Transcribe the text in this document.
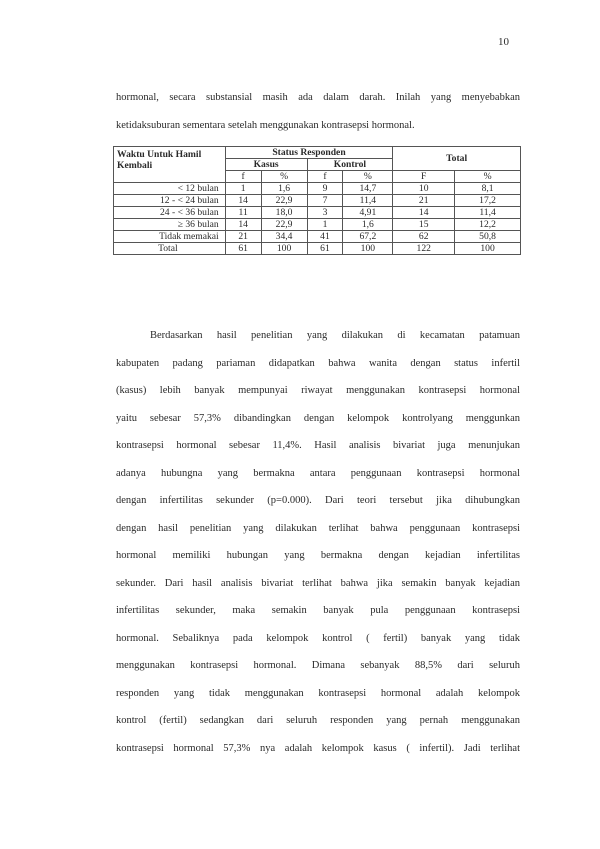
10

hormonal, secara substansial masih ada dalam darah. Inilah yang menyebabkan
ketidaksuburan sementara setelah menggunakan kontrasepsi hormonal.

Waktu Untuk Hamil Kembali	Status Responden				Total	
	Kasus		Kontrol			
	f	%	f	%	F	%
< 12 bulan	1	1,6	9	14,7	10	8,1
12 - < 24 bulan	14	22,9	7	11,4	21	17,2
24 - < 36 bulan	11	18,0	3	4,91	14	11,4
≥ 36 bulan	14	22,9	1	1,6	15	12,2
Tidak memakai	21	34,4	41	67,2	62	50,8
Total	61	100	61	100	122	100

Berdasarkan hasil penelitian yang dilakukan di kecamatan patamuan
kabupaten padang pariaman didapatkan bahwa wanita dengan status infertil
(kasus) lebih banyak mempunyai riwayat menggunakan kontrasepsi hormonal
yaitu sebesar 57,3% dibandingkan dengan kelompok kontrolyang menggunkan
kontrasepsi hormonal sebesar 11,4%. Hasil analisis bivariat juga menunjukan
adanya hubungna yang bermakna antara penggunaan kontrasepsi hormonal
dengan infertilitas sekunder (p=0.000). Dari teori tersebut jika dihubungkan
dengan hasil penelitian yang dilakukan terlihat bahwa penggunaan kontrasepsi
hormonal memiliki hubungan yang bermakna dengan kejadian infertilitas
sekunder. Dari hasil analisis bivariat terlihat bahwa jika semakin banyak kejadian
infertilitas sekunder, maka semakin banyak pula penggunaan kontrasepsi
hormonal. Sebaliknya pada kelompok kontrol ( fertil) banyak yang tidak
menggunakan kontrasepsi hormonal. Dimana sebanyak 88,5% dari seluruh
responden yang tidak menggunakan kontrasepsi hormonal adalah kelompok
kontrol (fertil) sedangkan dari seluruh responden yang pernah menggunakan
kontrasepsi hormonal 57,3% nya adalah kelompok kasus ( infertil). Jadi terlihat
